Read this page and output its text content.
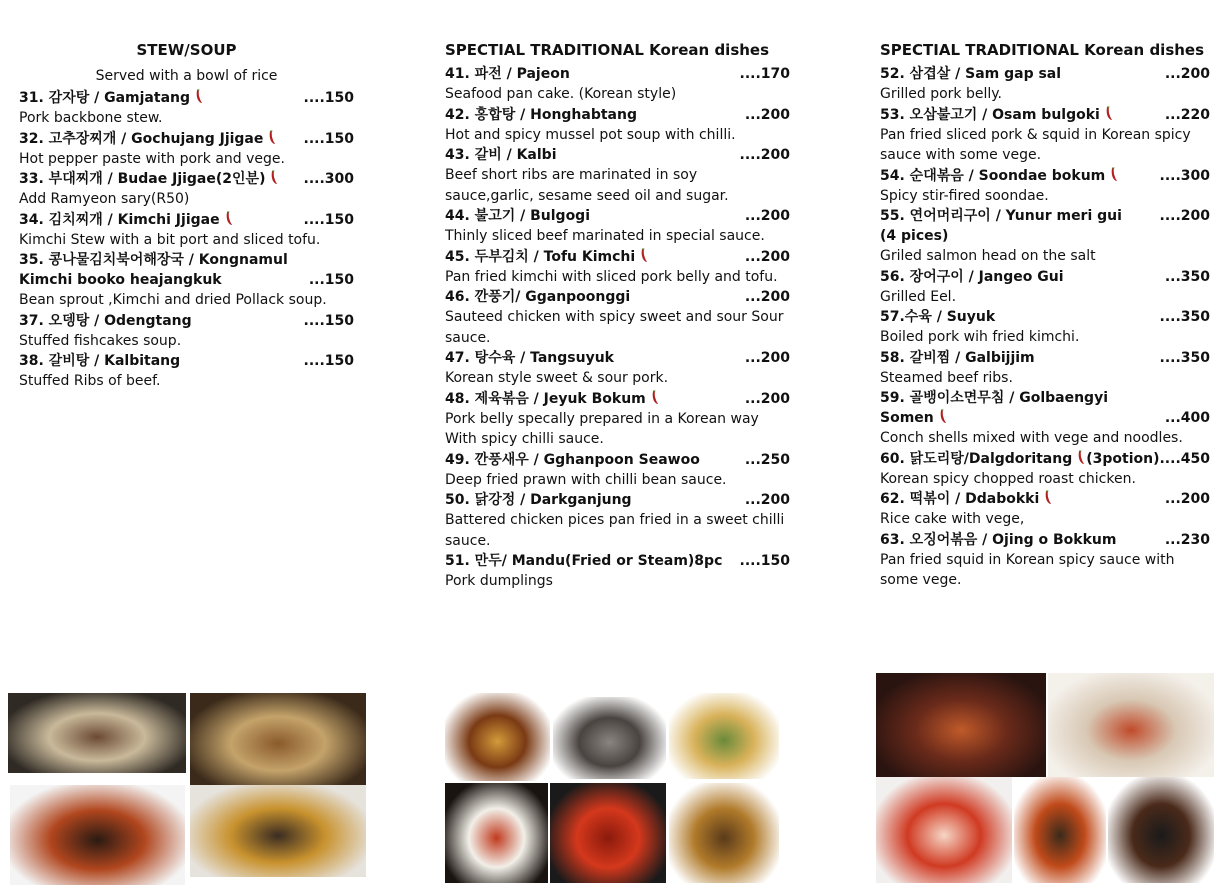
STEW/SOUP
Served with a bowl of rice
31. 감자탕 / Gamjatang	....150
Pork backbone stew.
32. 고추장찌개 / Gochujang Jjigae	....150
Hot pepper paste with pork and vege.
33. 부대찌개 / Budae Jjigae(2인분)	....300
Add Ramyeon sary(R50)
34. 김치찌개 / Kimchi Jjigae	....150
Kimchi Stew with a bit port and sliced tofu.
35. 콩나물김치북어해장국 / Kongnamul
Kimchi booko heajangkuk	...150
Bean sprout ,Kimchi and dried Pollack soup.
37. 오뎅탕 / Odengtang	....150
Stuffed fishcakes soup.
38. 갈비탕 / Kalbitang	....150
Stuffed Ribs of beef.
SPECTIAL TRADITIONAL Korean dishes
41. 파전 / Pajeon	....170
Seafood pan cake. (Korean style)
42. 홍합탕 / Honghabtang	...200
Hot and spicy mussel pot soup with chilli.
43. 갈비 / Kalbi	....200
Beef short ribs are marinated in soy sauce,garlic, sesame seed oil and sugar.
44. 불고기 / Bulgogi	...200
Thinly sliced beef marinated in special sauce.
45. 두부김치 / Tofu Kimchi	...200
Pan fried kimchi with sliced pork belly and tofu.
46. 깐풍기/ Gganpoonggi	...200
Sauteed chicken with spicy sweet and sour Sour sauce.
47. 탕수육 / Tangsuyuk	...200
Korean style sweet & sour pork.
48. 제육볶음 / Jeyuk Bokum	...200
Pork belly specally prepared in a Korean way With spicy chilli sauce.
49. 깐풍새우 / Gghanpoon Seawoo	...250
Deep fried prawn with chilli bean sauce.
50. 닭강정 / Darkganjung	...200
Battered chicken pices pan fried in a sweet chilli sauce.
51. 만두/ Mandu(Fried or Steam)8pc	....150
Pork dumplings
SPECTIAL TRADITIONAL Korean dishes
52. 삼겹살 / Sam gap sal	...200
Grilled pork belly.
53. 오삼불고기 / Osam bulgoki	...220
Pan fried sliced pork & squid in Korean spicy sauce with some vege.
54. 순대볶음 / Soondae bokum	....300
Spicy stir-fired soondae.
55. 연어머리구이 / Yunur meri gui	....200
(4 pices)
Griled salmon head on the salt
56. 장어구이 / Jangeo Gui	...350
Grilled Eel.
57.수육 / Suyuk	....350
Boiled pork wih fried kimchi.
58. 갈비찜 / Galbijjim	....350
Steamed beef ribs.
59. 골뱅이소면무침 / Golbaengyi
Somen	...400
Conch shells mixed with vege and noodles.
60. 닭도리탕/Dalgdoritang (3potion)....450
Korean spicy chopped roast chicken.
62. 떡볶이 / Ddabokki	...200
Rice cake with vege,
63. 오징어볶음 / Ojing o Bokkum	...230
Pan fried squid in Korean spicy sauce with some vege.
